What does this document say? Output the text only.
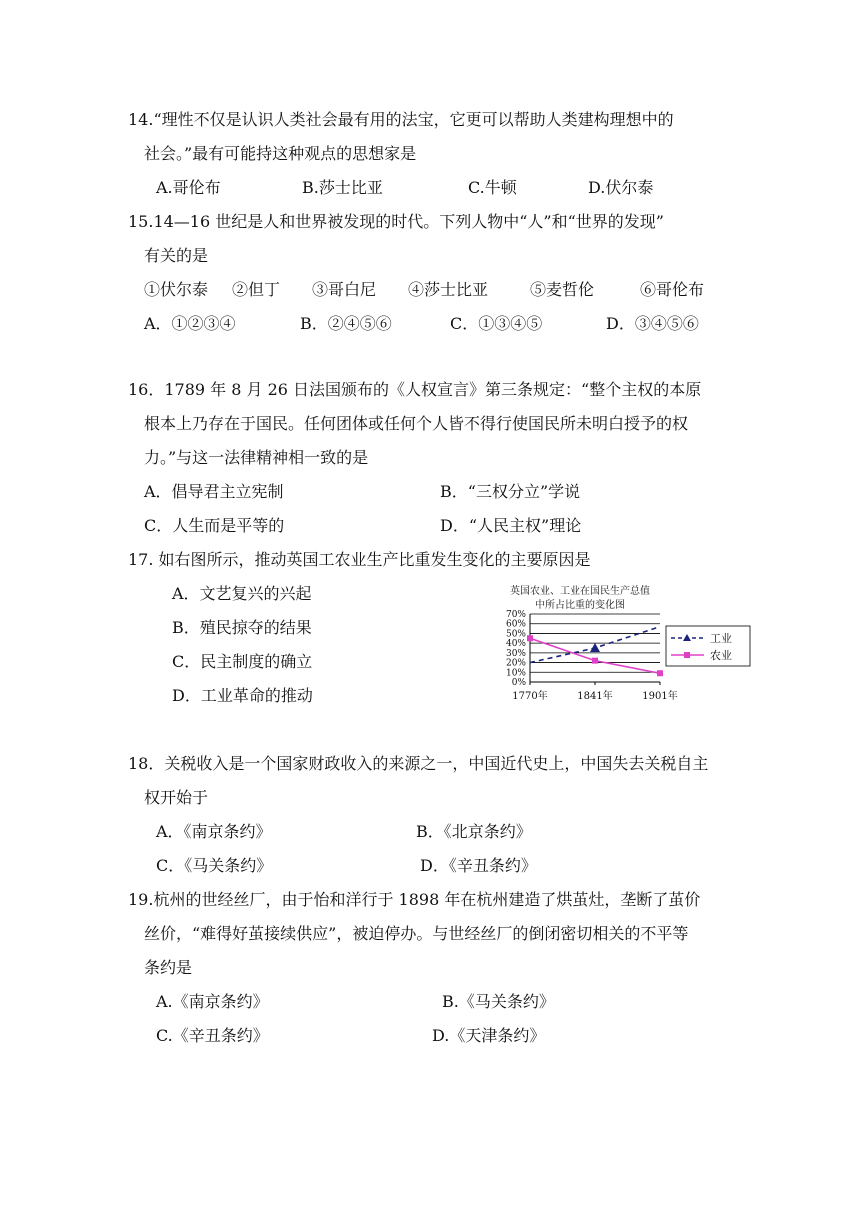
14.“理性不仅是认识人类社会最有用的法宝，它更可以帮助人类建构理想中的
社会。”最有可能持这种观点的思想家是
A.哥伦布	B.莎士比亚	C.牛顿	D.伏尔泰
15.14—16 世纪是人和世界被发现的时代。下列人物中“人”和“世界的发现”
有关的是
①伏尔泰 ②但丁 ③哥白尼 ④莎士比亚	⑤麦哲伦	⑥哥伦布
A．①②③④	B．②④⑤⑥	C．①③④⑤	D．③④⑤⑥
16．1789 年 8 月 26 日法国颁布的《人权宣言》第三条规定：“整个主权的本原
根本上乃存在于国民。任何团体或任何个人皆不得行使国民所未明白授予的权
力。”与这一法律精神相一致的是
A．倡导君主立宪制	B．“三权分立”学说
C．人生而是平等的	D．“人民主权”理论
17. 如右图所示，推动英国工农业生产比重发生变化的主要原因是
A．文艺复兴的兴起
B．殖民掠夺的结果
C．民主制度的确立
D．工业革命的推动
英国农业、工业在国民生产总值
中所占比重的变化图
70%
60%
50%
40%
30%
20%
10%
0%
1770年	1841年	1901年
工业
农业
18．关税收入是一个国家财政收入的来源之一，中国近代史上，中国失去关税自主
权开始于
A．《南京条约》	B．《北京条约》
C．《马关条约》	D．《辛丑条约》
19.杭州的世经丝厂，由于怡和洋行于 1898 年在杭州建造了烘茧灶，垄断了茧价
丝价，“难得好茧接续供应”，被迫停办。与世经丝厂的倒闭密切相关的不平等
条约是
A.《南京条约》	B.《马关条约》
C.《辛丑条约》	D.《天津条约》
